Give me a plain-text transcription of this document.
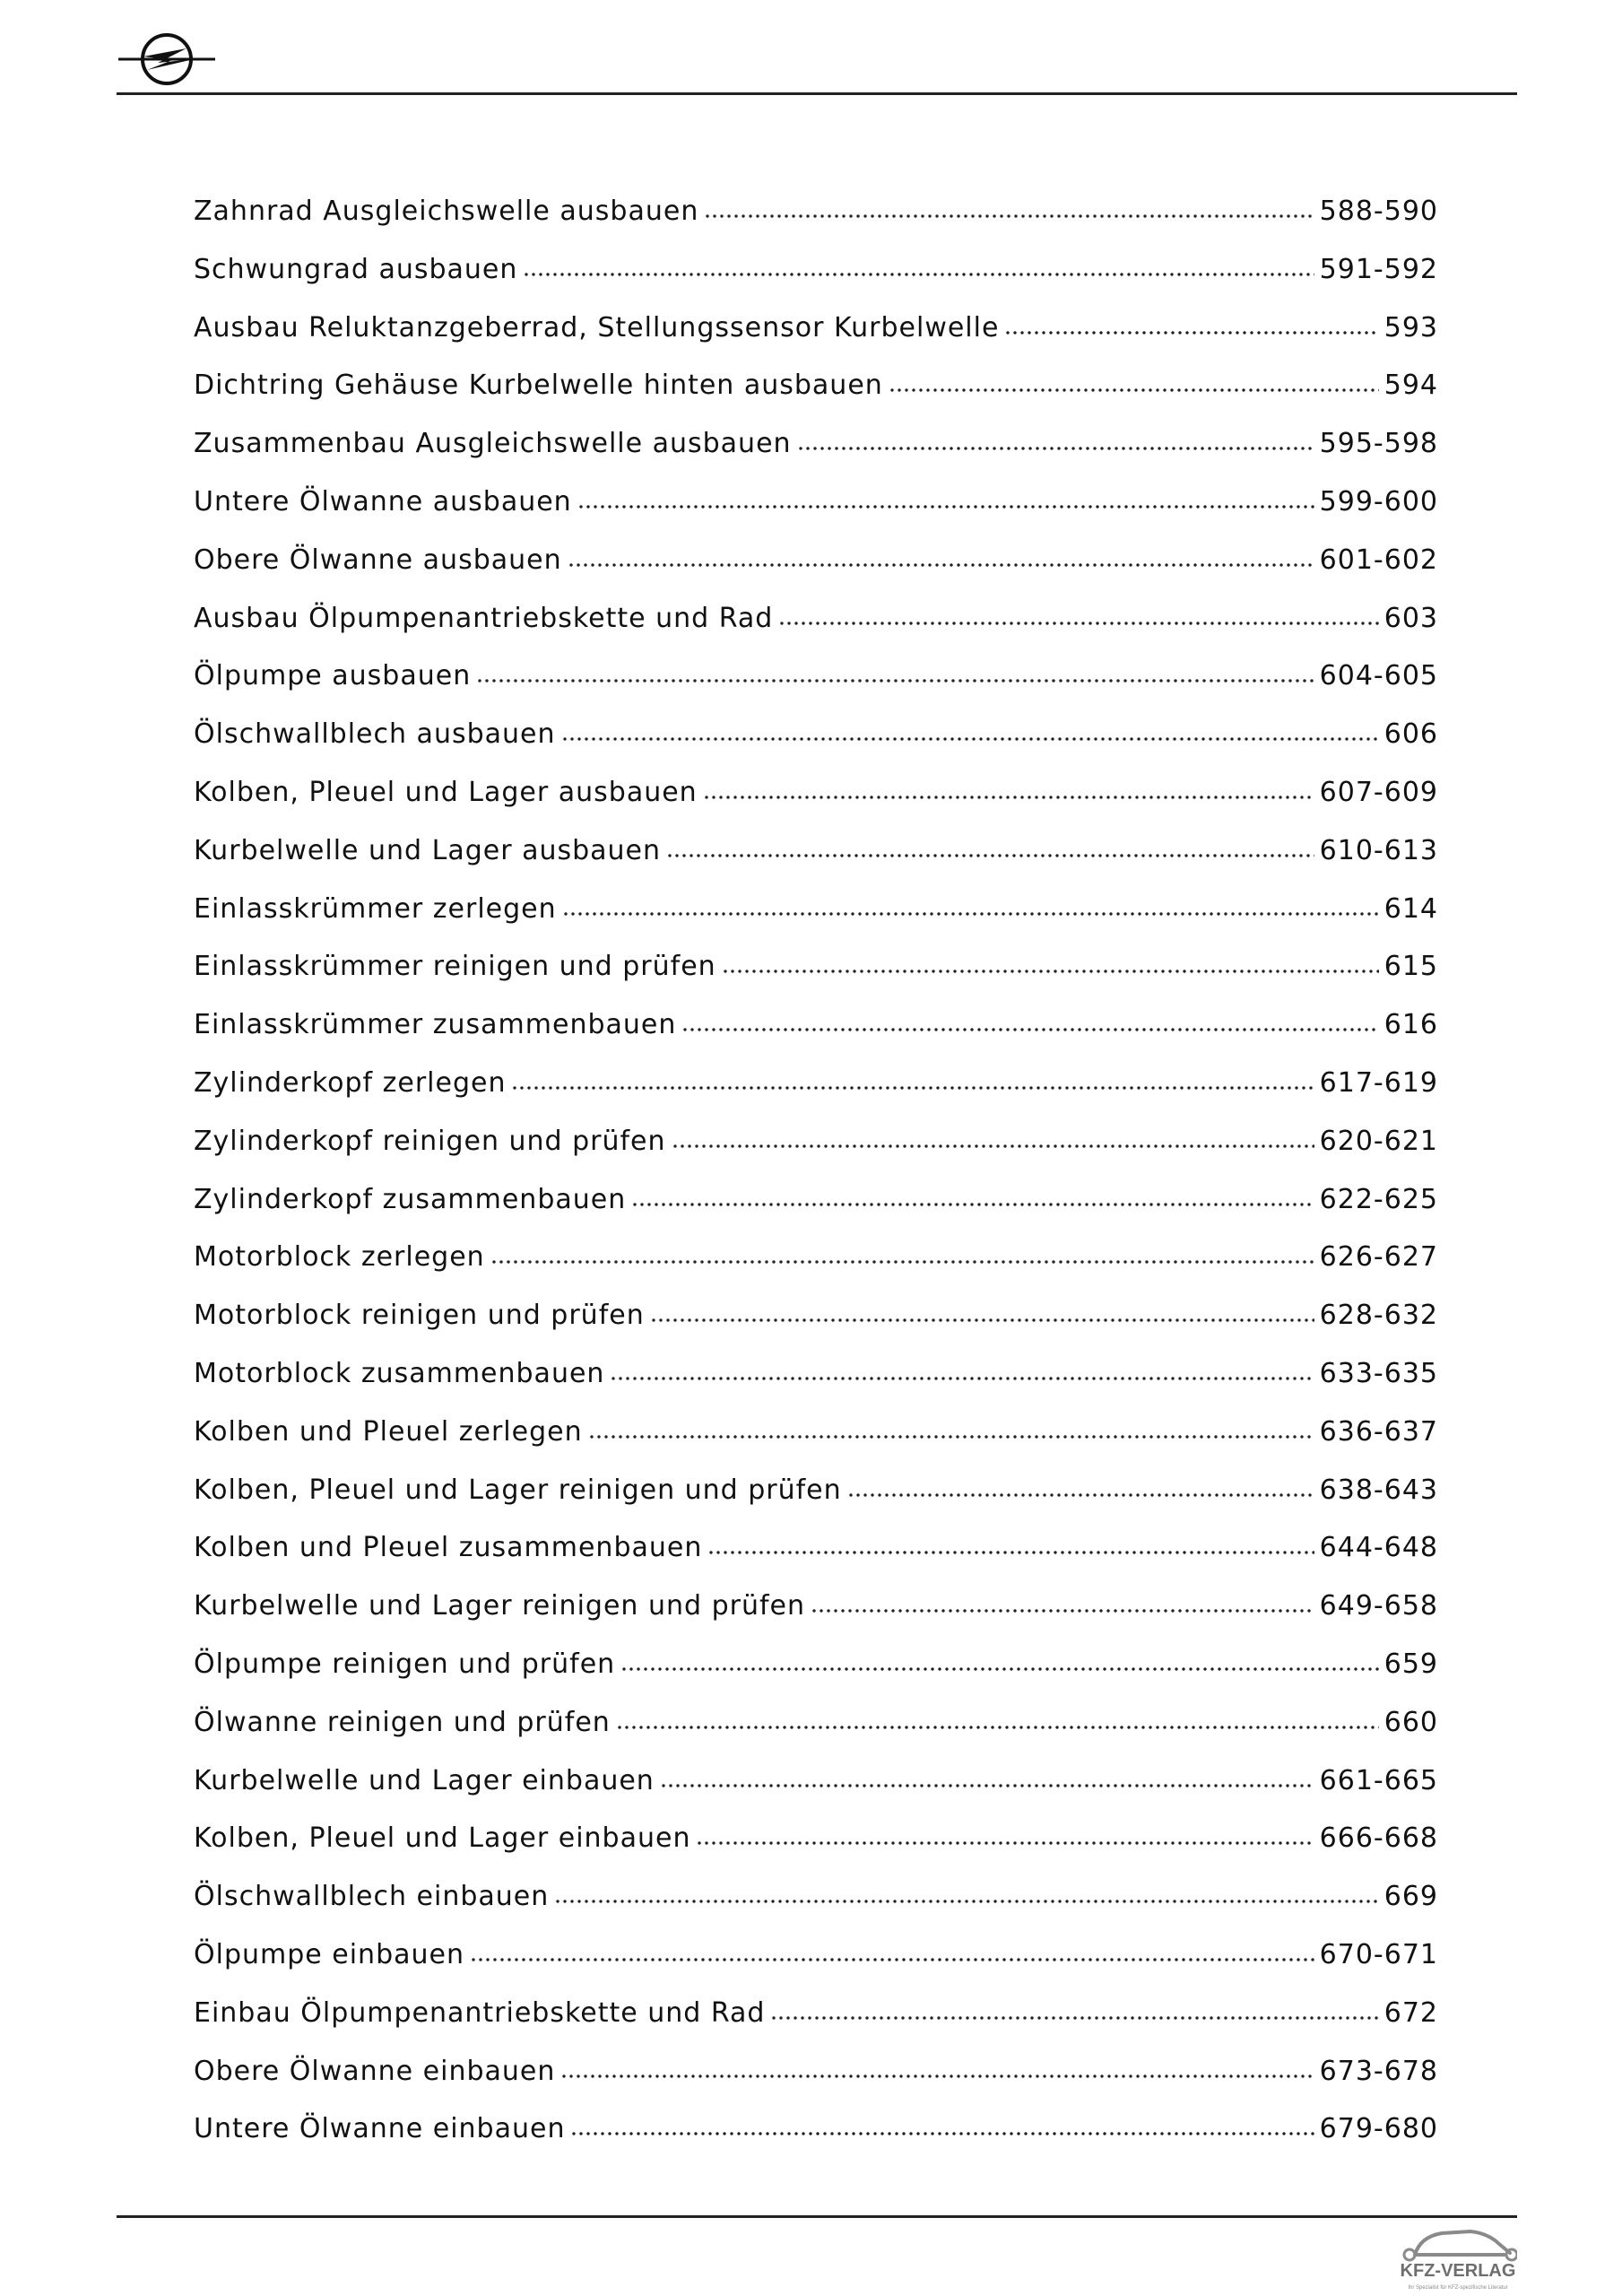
Zahnrad Ausgleichswelle ausbauen	588-590
Schwungrad ausbauen	591-592
Ausbau Reluktanzgeberrad, Stellungssensor Kurbelwelle	593
Dichtring Gehäuse Kurbelwelle hinten ausbauen	594
Zusammenbau Ausgleichswelle ausbauen	595-598
Untere Ölwanne ausbauen	599-600
Obere Ölwanne ausbauen	601-602
Ausbau Ölpumpenantriebskette und Rad	603
Ölpumpe ausbauen	604-605
Ölschwallblech ausbauen	606
Kolben, Pleuel und Lager ausbauen	607-609
Kurbelwelle und Lager ausbauen	610-613
Einlasskrümmer zerlegen	614
Einlasskrümmer reinigen und prüfen	615
Einlasskrümmer zusammenbauen	616
Zylinderkopf zerlegen	617-619
Zylinderkopf reinigen und prüfen	620-621
Zylinderkopf zusammenbauen	622-625
Motorblock zerlegen	626-627
Motorblock reinigen und prüfen	628-632
Motorblock zusammenbauen	633-635
Kolben und Pleuel zerlegen	636-637
Kolben, Pleuel und Lager reinigen und prüfen	638-643
Kolben und Pleuel zusammenbauen	644-648
Kurbelwelle und Lager reinigen und prüfen	649-658
Ölpumpe reinigen und prüfen	659
Ölwanne reinigen und prüfen	660
Kurbelwelle und Lager einbauen	661-665
Kolben, Pleuel und Lager einbauen	666-668
Ölschwallblech einbauen	669
Ölpumpe einbauen	670-671
Einbau Ölpumpenantriebskette und Rad	672
Obere Ölwanne einbauen	673-678
Untere Ölwanne einbauen	679-680
KFZ-VERLAG
Ihr Spezialist für KFZ-spezifische Literatur
